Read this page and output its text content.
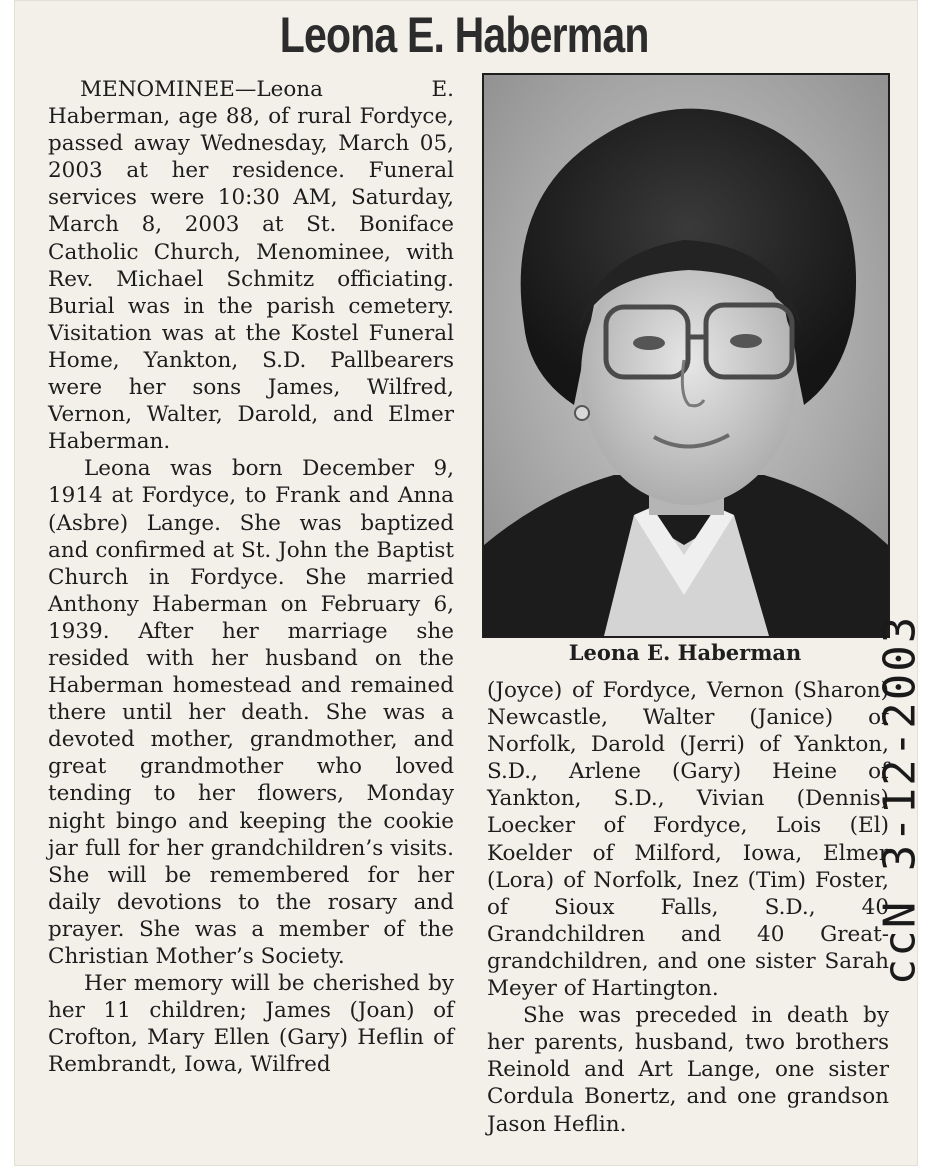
Leona E. Haberman

MENOMINEE—Leona E. Haberman, age 88, of rural Fordyce, passed away Wednesday, March 05, 2003 at her residence. Funeral services were 10:30 AM, Saturday, March 8, 2003 at St. Boniface Catholic Church, Menominee, with Rev. Michael Schmitz officiating. Burial was in the parish cemetery. Visitation was at the Kostel Funeral Home, Yankton, S.D. Pallbearers were her sons James, Wilfred, Vernon, Walter, Darold, and Elmer Haberman.

Leona was born December 9, 1914 at Fordyce, to Frank and Anna (Asbre) Lange. She was baptized and confirmed at St. John the Baptist Church in Fordyce. She married Anthony Haberman on February 6, 1939. After her marriage she resided with her husband on the Haberman homestead and remained there until her death. She was a devoted mother, grandmother, and great grandmother who loved tending to her flowers, Monday night bingo and keeping the cookie jar full for her grandchildren’s visits. She will be remembered for her daily devotions to the rosary and prayer. She was a member of the Christian Mother’s Society.

Her memory will be cherished by her 11 children; James (Joan) of Crofton, Mary Ellen (Gary) Heflin of Rembrandt, Iowa, Wilfred

Leona E. Haberman

(Joyce) of Fordyce, Vernon (Sharon) Newcastle, Walter (Janice) of Norfolk, Darold (Jerri) of Yankton, S.D., Arlene (Gary) Heine of Yankton, S.D., Vivian (Dennis) Loecker of Fordyce, Lois (El) Koelder of Milford, Iowa, Elmer (Lora) of Norfolk, Inez (Tim) Foster, of Sioux Falls, S.D., 40 Grandchildren and 40 Great-grandchildren, and one sister Sarah Meyer of Hartington.

She was preceded in death by her parents, husband, two brothers Reinold and Art Lange, one sister Cordula Bonertz, and one grandson Jason Heflin.

ccN 3-12-2003
